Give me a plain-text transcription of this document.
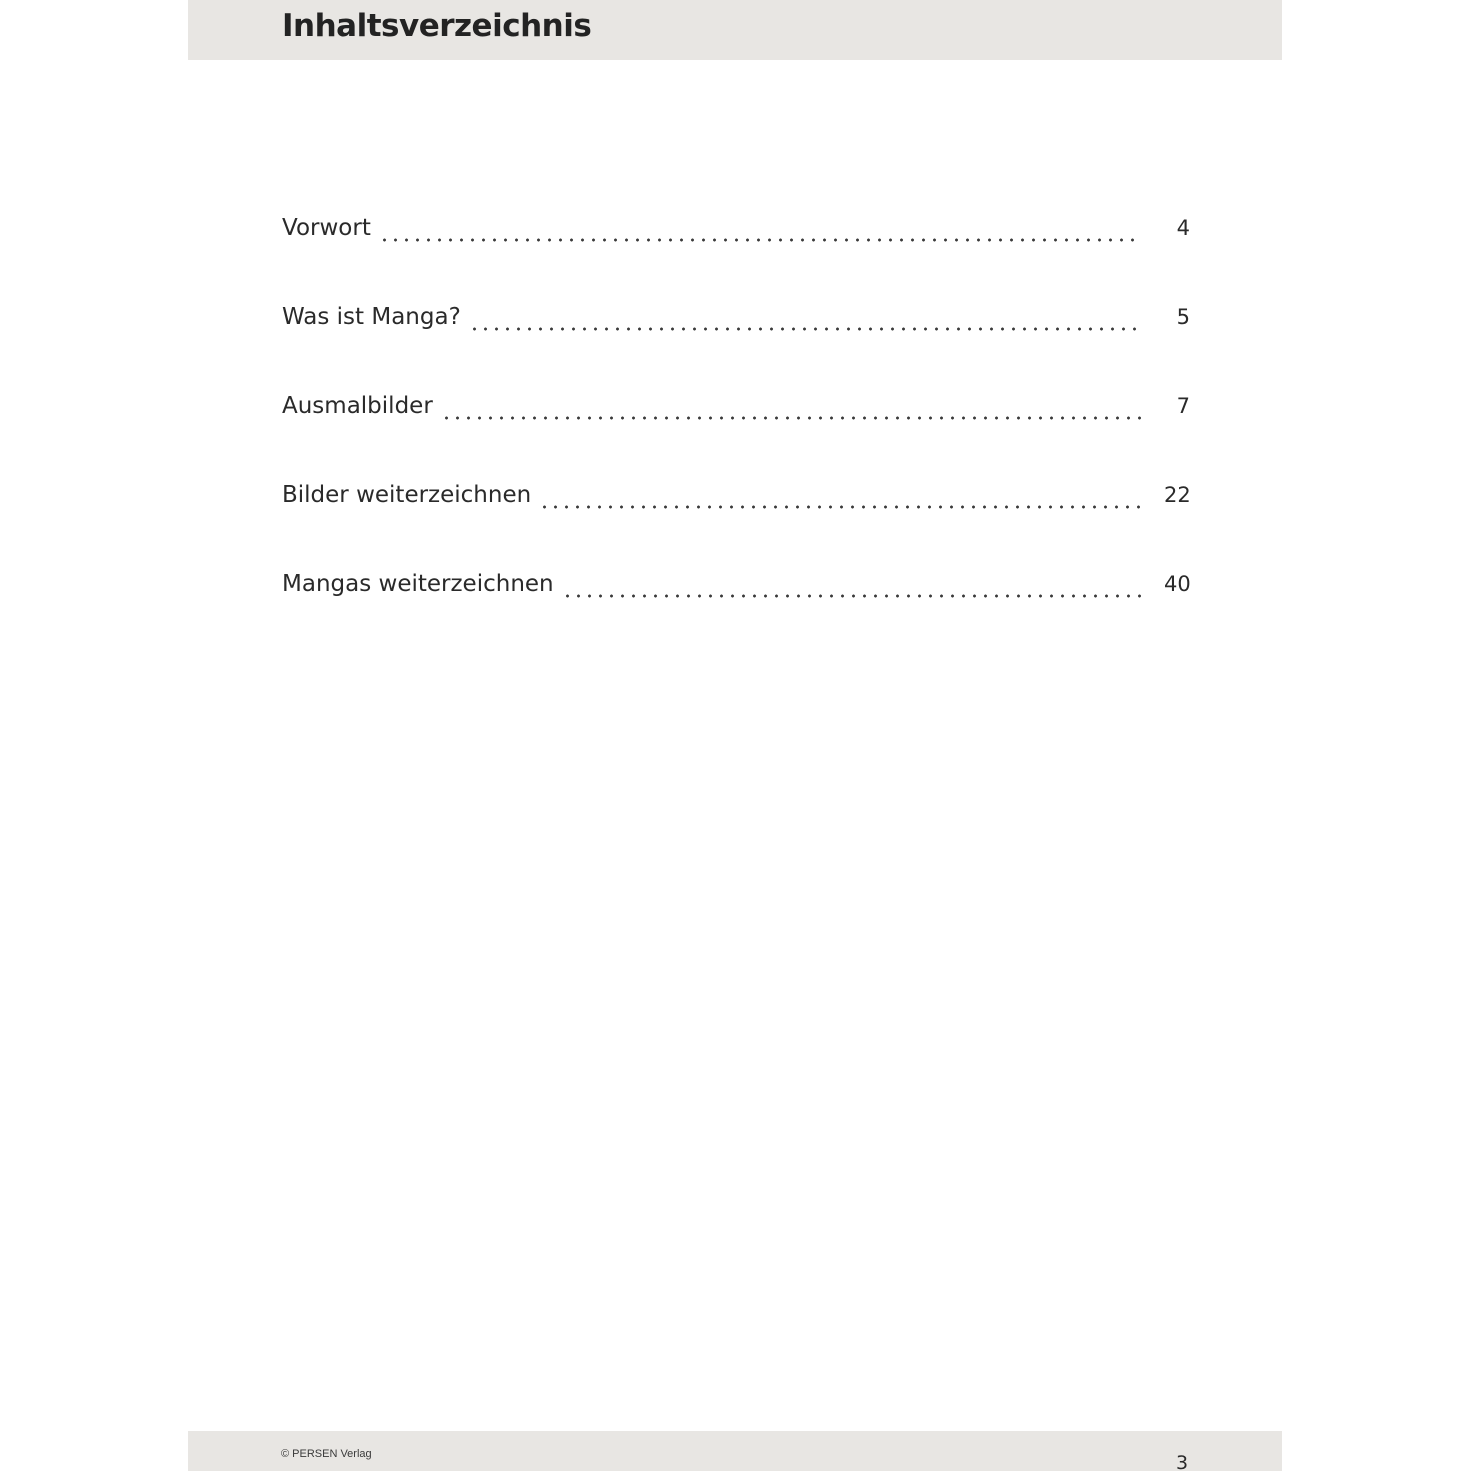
Inhaltsverzeichnis
Vorwort	4
Was ist Manga?	5
Ausmalbilder	7
Bilder weiterzeichnen	22
Mangas weiterzeichnen	40
© PERSEN Verlag	3
